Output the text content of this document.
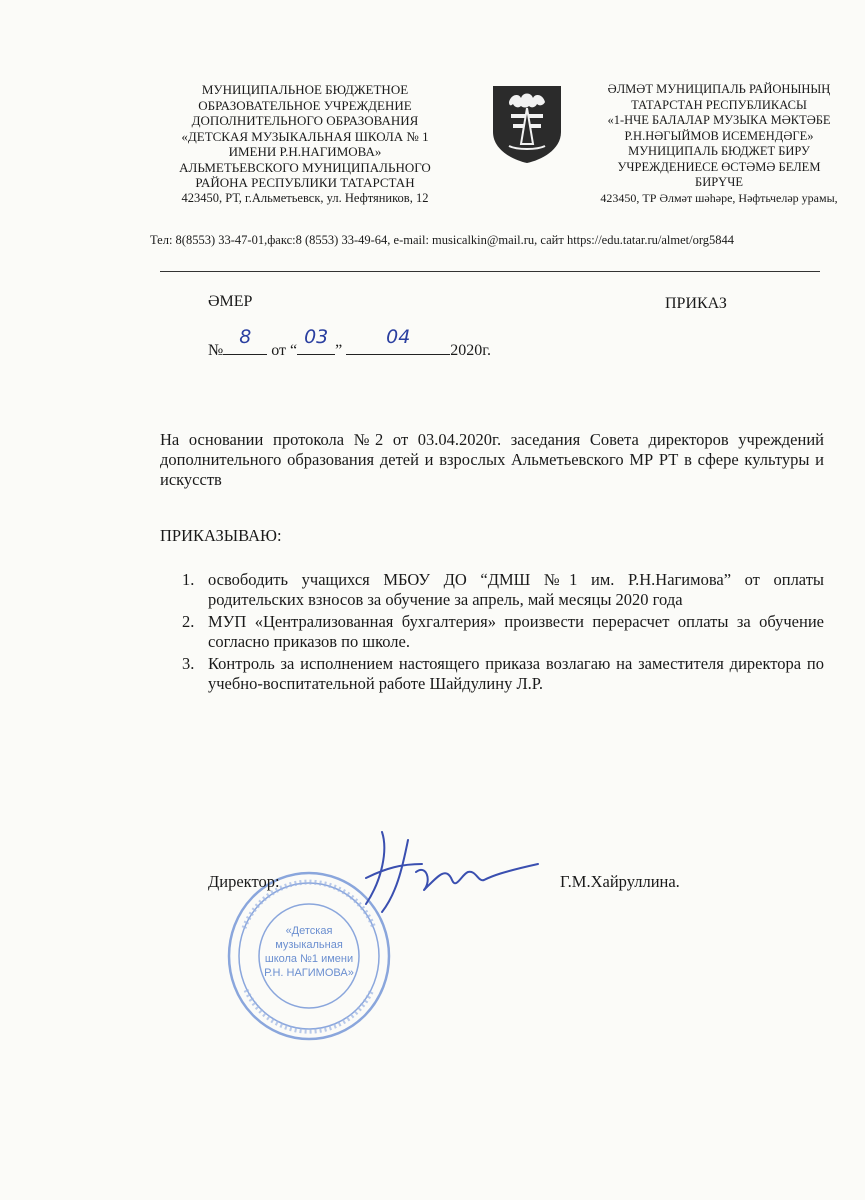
МУНИЦИПАЛЬНОЕ БЮДЖЕТНОЕ
ОБРАЗОВАТЕЛЬНОЕ УЧРЕЖДЕНИЕ
ДОПОЛНИТЕЛЬНОГО ОБРАЗОВАНИЯ
«ДЕТСКАЯ МУЗЫКАЛЬНАЯ ШКОЛА № 1
ИМЕНИ Р.Н.НАГИМОВА»
АЛЬМЕТЬЕВСКОГО МУНИЦИПАЛЬНОГО
РАЙОНА РЕСПУБЛИКИ ТАТАРСТАН
423450, РТ, г.Альметьевск, ул. Нефтяников, 12
ӘЛМӘТ МУНИЦИПАЛЬ РАЙОНЫНЫҢ
ТАТАРСТАН РЕСПУБЛИКАСЫ
«1-НЧЕ БАЛАЛАР МУЗЫКА МӘКТӘБЕ
Р.Н.НӘГЫЙМОВ ИСЕМЕНДӘГЕ»
МУНИЦИПАЛЬ БЮДЖЕТ БИРУ
УЧРЕЖДЕНИЕСЕ ӨСТӘМӘ БЕЛЕМ
БИРҮЧЕ
423450, ТР Әлмәт шәһәре, Нәфтьчеләр урамы,
Тел: 8(8553) 33-47-01,факс:8 (8553) 33-49-64, e-mail: musicalkin@mail.ru, сайт https://edu.tatar.ru/almet/org5844
ӘМЕР	ПРИКАЗ
№
8
от “
03
”
04
2020г.
На основании протокола №2 от 03.04.2020г. заседания Совета директоров учреждений дополнительного образования детей и взрослых Альметьевского МР РТ в сфере культуры и искусств
ПРИКАЗЫВАЮ:
1. освободить учащихся МБОУ ДО “ДМШ №1 им. Р.Н.Нагимова” от оплаты родительских взносов за обучение за апрель, май месяцы 2020 года
2. МУП «Централизованная бухгалтерия» произвести перерасчет оплаты за обучение согласно приказов по школе.
3. Контроль за исполнением настоящего приказа возлагаю на заместителя директора по учебно-воспитательной работе Шайдулину Л.Р.
«Детская
музыкальная
школа №1 имени
Р.Н. НАГИМОВА»
Директор:	Г.М.Хайруллина.
